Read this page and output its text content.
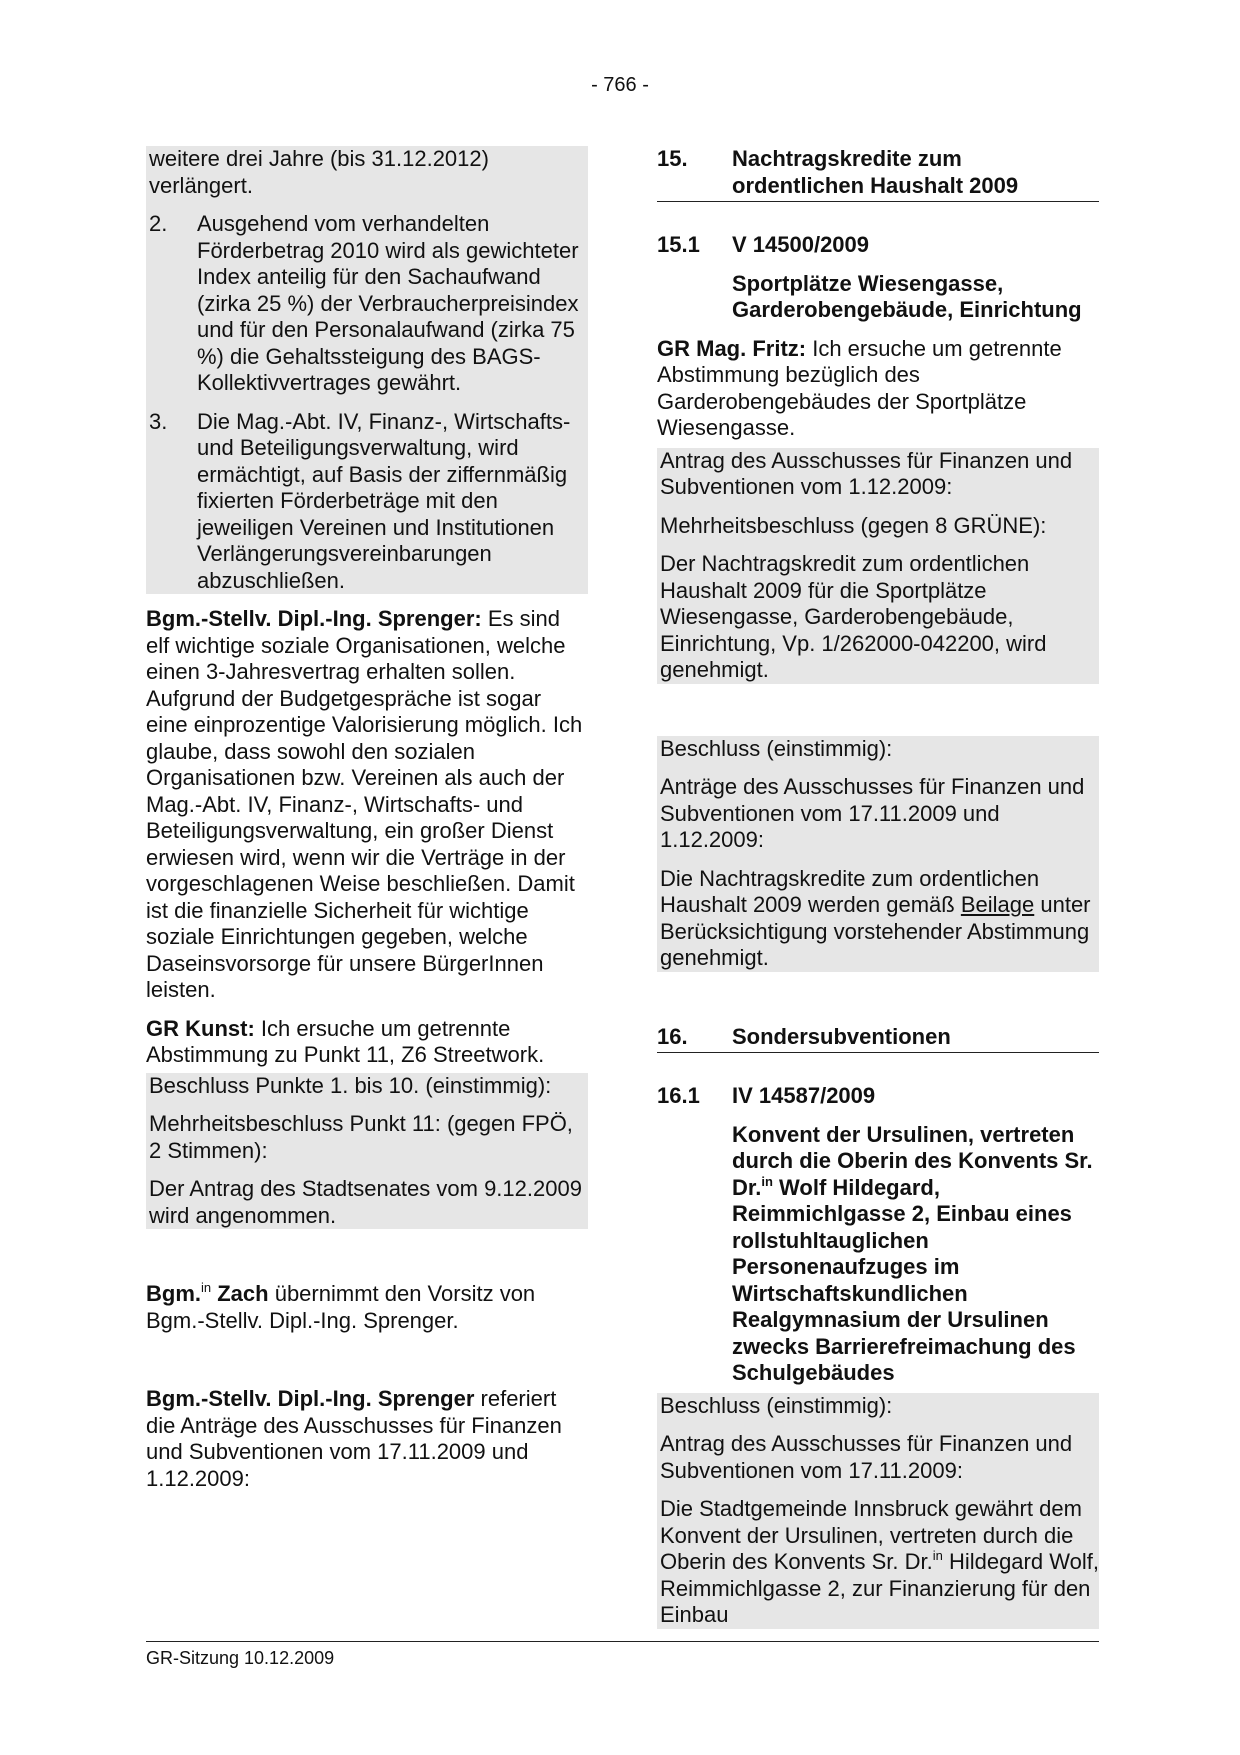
- 766 -

weitere drei Jahre (bis 31.12.2012) verlängert.

2.	Ausgehend vom verhandelten Förderbetrag 2010 wird als gewichteter Index anteilig für den Sachaufwand (zirka 25 %) der Verbraucherpreisindex und für den Personalaufwand (zirka 75 %) die Gehaltssteigung des BAGS-Kollektivvertrages gewährt.
3.	Die Mag.-Abt. IV, Finanz-, Wirtschafts- und Beteiligungsverwaltung, wird ermächtigt, auf Basis der ziffernmäßig fixierten Förderbeträge mit den jeweiligen Vereinen und Institutionen Verlängerungsvereinbarungen abzuschließen.

Bgm.-Stellv. Dipl.-Ing. Sprenger: Es sind elf wichtige soziale Organisationen, welche einen 3-Jahresvertrag erhalten sollen. Aufgrund der Budgetgespräche ist sogar eine einprozentige Valorisierung möglich. Ich glaube, dass sowohl den sozialen Organisationen bzw. Vereinen als auch der Mag.-Abt. IV, Finanz-, Wirtschafts- und Beteiligungsverwaltung, ein großer Dienst erwiesen wird, wenn wir die Verträge in der vorgeschlagenen Weise beschließen. Damit ist die finanzielle Sicherheit für wichtige soziale Einrichtungen gegeben, welche Daseinsvorsorge für unsere BürgerInnen leisten.

GR Kunst: Ich ersuche um getrennte Abstimmung zu Punkt 11, Z6 Streetwork.

Beschluss Punkte 1. bis 10. (einstimmig):

Mehrheitsbeschluss Punkt 11: (gegen FPÖ, 2 Stimmen):

Der Antrag des Stadtsenates vom 9.12.2009 wird angenommen.

Bgm.$^{in}$ Zach übernimmt den Vorsitz von Bgm.-Stellv. Dipl.-Ing. Sprenger.

Bgm.-Stellv. Dipl.-Ing. Sprenger referiert die Anträge des Ausschusses für Finanzen und Subventionen vom 17.11.2009 und 1.12.2009:

15.	Nachtragskredite zum ordentlichen Haushalt 2009
15.1	V 14500/2009

Sportplätze Wiesengasse, Garderobengebäude, Einrichtung

GR Mag. Fritz: Ich ersuche um getrennte Abstimmung bezüglich des Garderobengebäudes der Sportplätze Wiesengasse.

Antrag des Ausschusses für Finanzen und Subventionen vom 1.12.2009:

Mehrheitsbeschluss (gegen 8 GRÜNE):

Der Nachtragskredit zum ordentlichen Haushalt 2009 für die Sportplätze Wiesengasse, Garderobengebäude, Einrichtung, Vp. 1/262000-042200, wird genehmigt.

Beschluss (einstimmig):

Anträge des Ausschusses für Finanzen und Subventionen vom 17.11.2009 und 1.12.2009:

Die Nachtragskredite zum ordentlichen Haushalt 2009 werden gemäß Beilage unter Berücksichtigung vorstehender Abstimmung genehmigt.

16.	Sondersubventionen
16.1	IV 14587/2009

Konvent der Ursulinen, vertreten durch die Oberin des Konvents Sr. Dr.$^{in}$ Wolf Hildegard, Reimmichlgasse 2, Einbau eines rollstuhltauglichen Personenaufzuges im Wirtschaftskundlichen Realgymnasium der Ursulinen zwecks Barrierefreimachung des Schulgebäudes

Beschluss (einstimmig):

Antrag des Ausschusses für Finanzen und Subventionen vom 17.11.2009:

Die Stadtgemeinde Innsbruck gewährt dem Konvent der Ursulinen, vertreten durch die Oberin des Konvents Sr. Dr.$^{in}$ Hildegard Wolf, Reimmichlgasse 2, zur Finanzierung für den Einbau

GR-Sitzung 10.12.2009
